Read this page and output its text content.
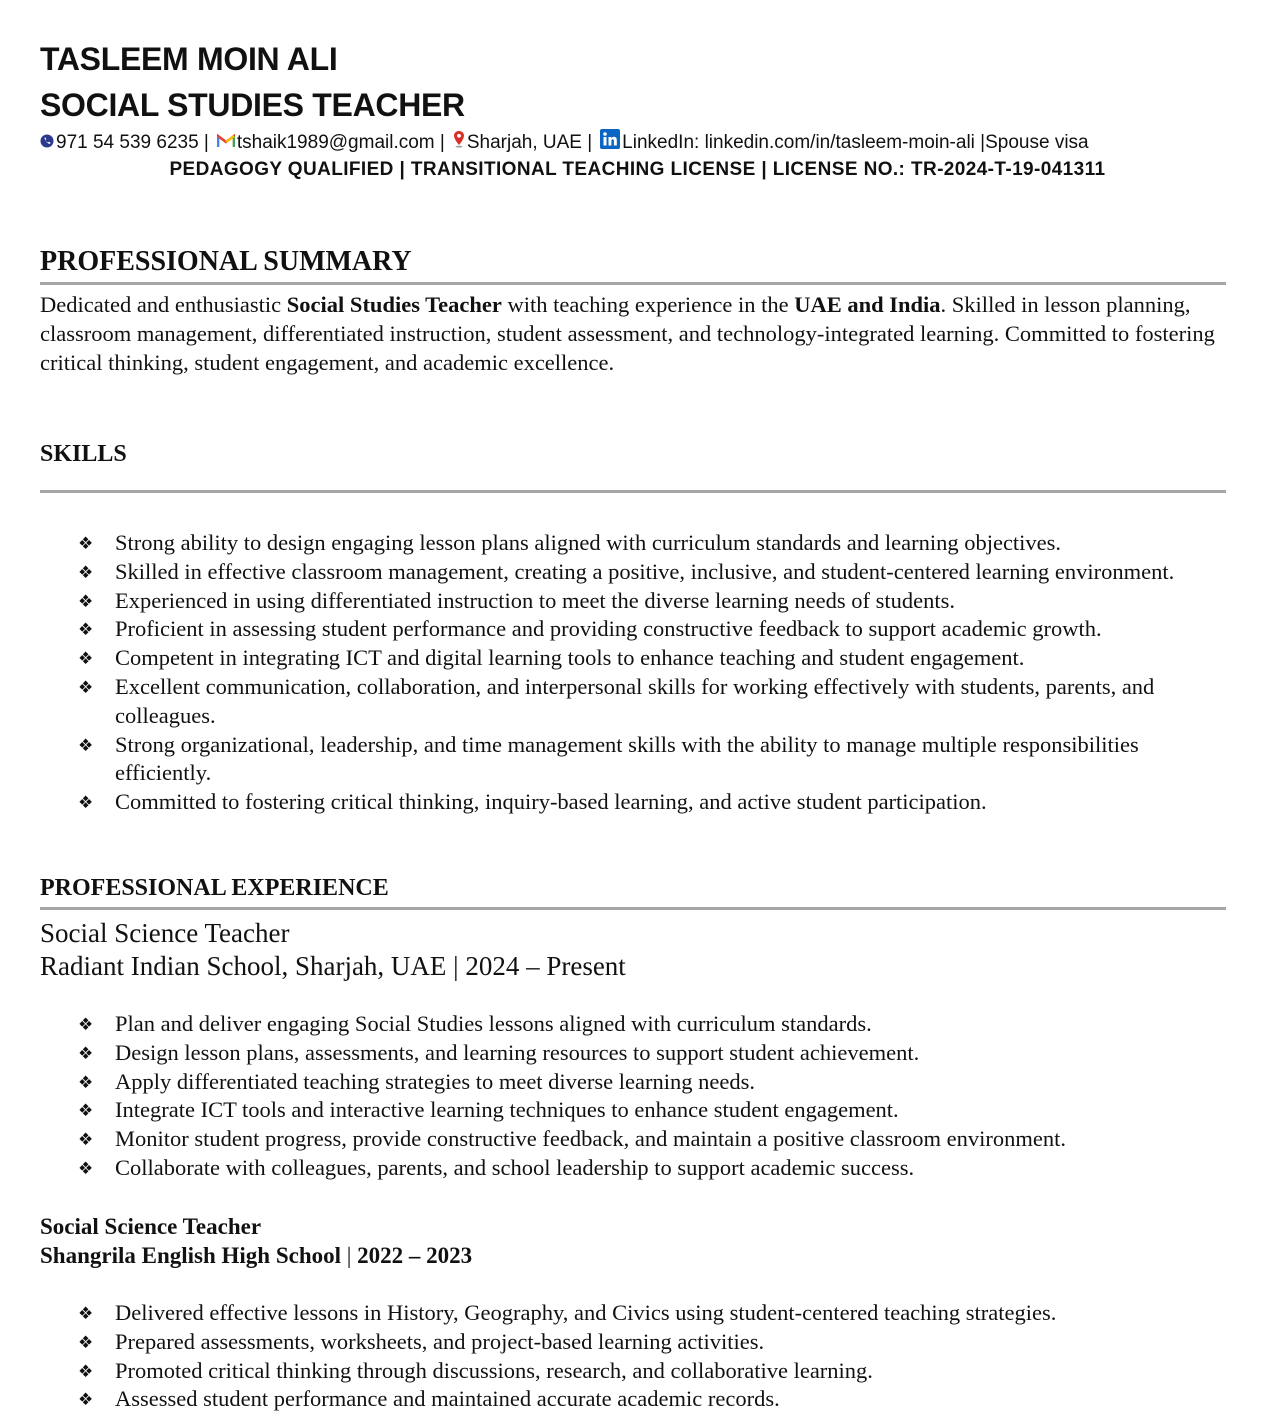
TASLEEM MOIN ALI
SOCIAL STUDIES TEACHER
971 54 539 6235 | tshaik1989@gmail.com | Sharjah, UAE | LinkedIn: linkedin.com/in/tasleem-moin-ali |Spouse visa
PEDAGOGY QUALIFIED | TRANSITIONAL TEACHING LICENSE | LICENSE NO.: TR-2024-T-19-041311
PROFESSIONAL SUMMARY

Dedicated and enthusiastic Social Studies Teacher with teaching experience in the UAE and India. Skilled in lesson planning, classroom management, differentiated instruction, student assessment, and technology-integrated learning. Committed to fostering critical thinking, student engagement, and academic excellence.

SKILLS
❖ Strong ability to design engaging lesson plans aligned with curriculum standards and learning objectives.
❖ Skilled in effective classroom management, creating a positive, inclusive, and student-centered learning environment.
❖ Experienced in using differentiated instruction to meet the diverse learning needs of students.
❖ Proficient in assessing student performance and providing constructive feedback to support academic growth.
❖ Competent in integrating ICT and digital learning tools to enhance teaching and student engagement.
❖ Excellent communication, collaboration, and interpersonal skills for working effectively with students, parents, and colleagues.
❖ Strong organizational, leadership, and time management skills with the ability to manage multiple responsibilities efficiently.
❖ Committed to fostering critical thinking, inquiry-based learning, and active student participation.
PROFESSIONAL EXPERIENCE
Social Science Teacher
Radiant Indian School, Sharjah, UAE | 2024 – Present
❖ Plan and deliver engaging Social Studies lessons aligned with curriculum standards.
❖ Design lesson plans, assessments, and learning resources to support student achievement.
❖ Apply differentiated teaching strategies to meet diverse learning needs.
❖ Integrate ICT tools and interactive learning techniques to enhance student engagement.
❖ Monitor student progress, provide constructive feedback, and maintain a positive classroom environment.
❖ Collaborate with colleagues, parents, and school leadership to support academic success.
Social Science Teacher
Shangrila English High School | 2022 – 2023
❖ Delivered effective lessons in History, Geography, and Civics using student-centered teaching strategies.
❖ Prepared assessments, worksheets, and project-based learning activities.
❖ Promoted critical thinking through discussions, research, and collaborative learning.
❖ Assessed student performance and maintained accurate academic records.
